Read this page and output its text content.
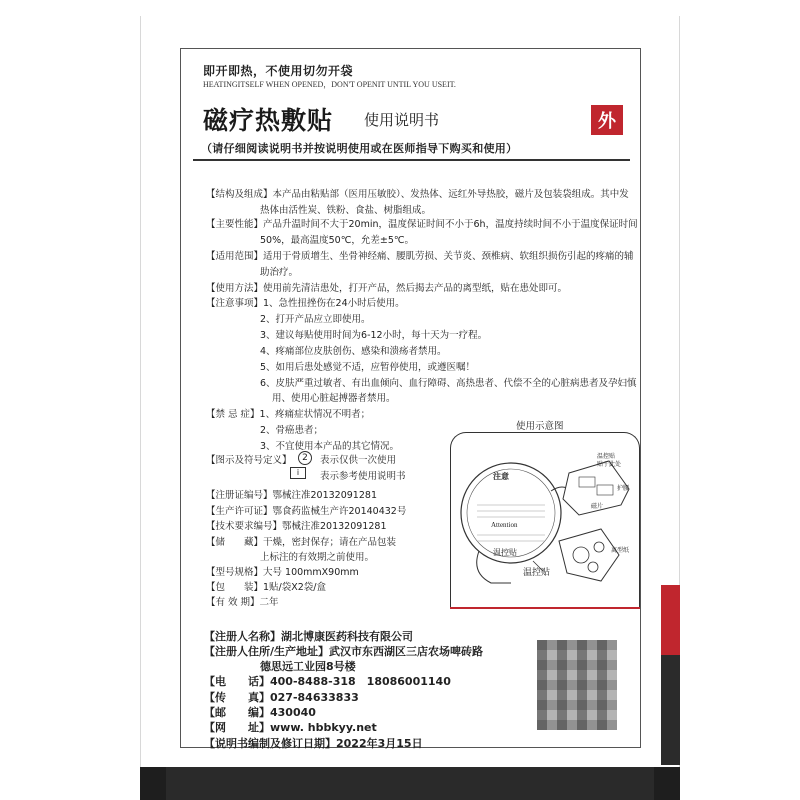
即开即热，不使用切勿开袋
HEATINGITSELF WHEN OPENED，DON'T OPENIT UNTIL YOU USEIT.
磁疗热敷贴 使用说明书	外
（请仔细阅读说明书并按说明使用或在医师指导下购买和使用）
【结构及组成】本产品由粘贴部（医用压敏胶）、发热体、远红外导热胶，磁片及包装袋组成。其中发
热体由活性炭、铁粉、食盐、树脂组成。
【主要性能】产品升温时间不大于20min，温度保证时间不小于6h，温度持续时间不小于温度保证时间
50%，最高温度50℃，允差±5℃。
【适用范围】适用于骨质增生、坐骨神经痛、腰肌劳损、关节炎、颈椎病、软组织损伤引起的疼痛的辅
助治疗。
【使用方法】使用前先清洁患处，打开产品，然后揭去产品的离型纸，贴在患处即可。
【注意事项】1、急性扭挫伤在24小时后使用。
2、打开产品应立即使用。
3、建议每贴使用时间为6-12小时，每十天为一疗程。
4、疼痛部位皮肤创伤、感染和溃疡者禁用。
5、如用后患处感觉不适，应暂停使用，或遵医嘱！
6、皮肤严重过敏者、有出血倾向、血行障碍、高热患者、代偿不全的心脏病患者及孕妇慎
用、使用心脏起搏器者禁用。
【禁 忌 症】1、疼痛症状情况不明者；
2、骨癌患者；
3、不宜使用本产品的其它情况。
【图示及符号定义】	2	表示仅供一次使用
i	表示参考使用说明书
【注册证编号】鄂械注准20132091281
【生产许可证】鄂食药监械生产许20140432号
【技术要求编号】鄂械注准20132091281
【储　　藏】干燥，密封保存；请在产品包装
上标注的有效期之前使用。
【型号规格】大号 100mmX90mm
【包　　装】1贴/袋X2袋/盒
【有 效 期】二年
使用示意图
注意
Attention
温控贴
温控贴
温控贴
贴于此处
护腰
磁片
离型纸
【注册人名称】湖北博康医药科技有限公司
【注册人住所/生产地址】武汉市东西湖区三店农场啤砖路
德思远工业园8号楼
【电　　话】400-8488-318　18086001140
【传　　真】027-84633833
【邮　　编】430040
【网　　址】www. hbbkyy.net
【说明书编制及修订日期】2022年3月15日
